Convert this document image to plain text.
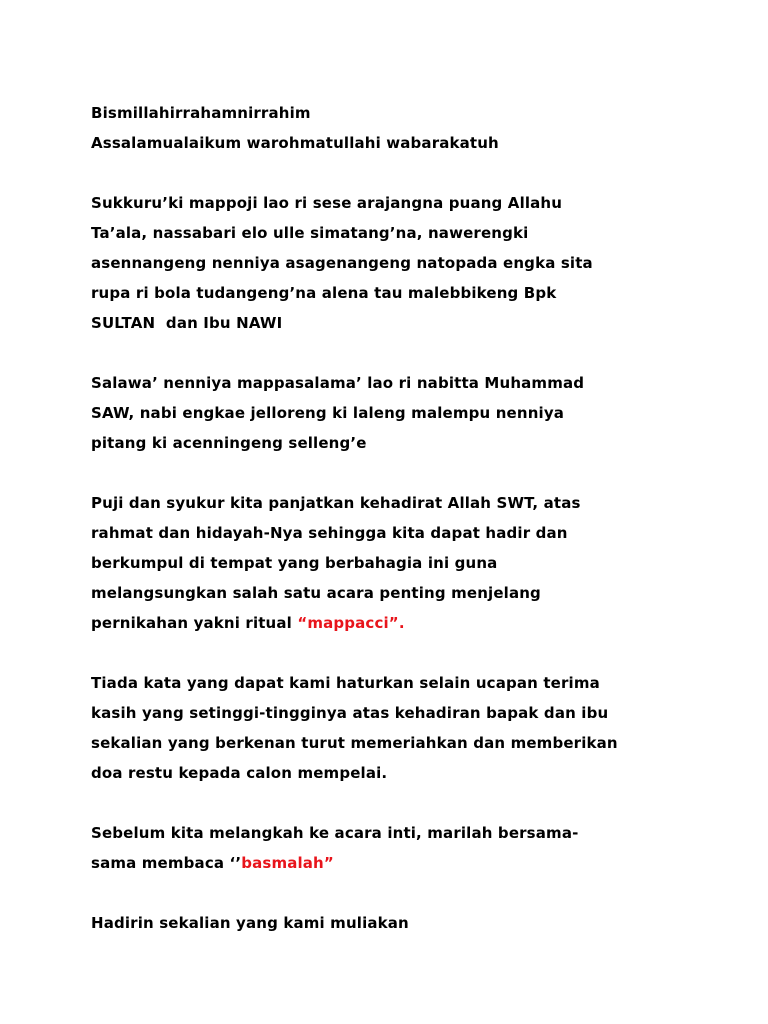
Bismillahirrahamnirrahim
Assalamualaikum warohmatullahi wabarakatuh
Sukkuru’ki mappoji lao ri sese arajangna puang Allahu
Ta’ala, nassabari elo ulle simatang’na, nawerengki
asennangeng nenniya asagenangeng natopada engka sita
rupa ri bola tudangeng’na alena tau malebbikeng Bpk
SULTAN  dan Ibu NAWI
Salawa’ nenniya mappasalama’ lao ri nabitta Muhammad
SAW, nabi engkae jelloreng ki laleng malempu nenniya
pitang ki acenningeng selleng’e
Puji dan syukur kita panjatkan kehadirat Allah SWT, atas
rahmat dan hidayah-Nya sehingga kita dapat hadir dan
berkumpul di tempat yang berbahagia ini guna
melangsungkan salah satu acara penting menjelang
pernikahan yakni ritual “mappacci”.
Tiada kata yang dapat kami haturkan selain ucapan terima
kasih yang setinggi-tingginya atas kehadiran bapak dan ibu
sekalian yang berkenan turut memeriahkan dan memberikan
doa restu kepada calon mempelai.
Sebelum kita melangkah ke acara inti, marilah bersama-
sama membaca ‘’basmalah”
Hadirin sekalian yang kami muliakan
